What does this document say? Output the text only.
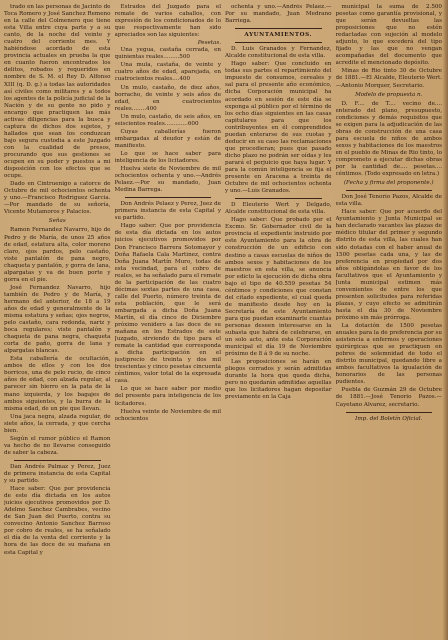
trado en las personas de Jacinto de Toca Romero y José Sanchez Remeno en la calle del Colmenero que tiene esta Villa entre cuya parte y a su canto, de la noche del veinte y cuatro del corriente mes. Y habiéndose acordado de esta provincia actuales en prueba la que en cuanto fueron encontrados los delitos, robados y requeridos en nombre de S. M. el Rey D. Alfonso XIII (q. D. g.) a todas las autoridades así civiles como militares y a todos los agentes de la policía judicial de la Nación y de su gente no pido y encargo que practiquen las más activas diligencias para la busca y captura de dichos dos sujetos, y hallados que sean los conduzcan bajo segura custodia a este Juzgado con la cualidad de presos, procurando que sus gestiones se ocupen en su poder y puestos a mi disposición con los efectos que se ocupe.

Dado en Cintruenigo a catorce de Octubre de mil ochocientos ochenta y uno.—Francisco Rodriguez Garcia.—Por mandado de su señoría, Vicente Mutamoros y Palacios.

Señas

Ramon Fernandez Navarro, hijo de Pedro y de María, de unos 25 años de edad, estatura alta, color moreno claro, ojos pardos, pelo castaño, viste pantalón de pana negro, chaqueta y pantalón, y gorra de lana, alpargatas y va de buen porte y gorra en el pie.

José Fernandez Navarro, hijo también de Pedro y de María, y hermano del anterior, de 18 a 19 años de edad y generalmente de la misma estatura y señas; ojos negros, pelo castaño, cara redonda, nariz y boca regulares; viste pantalón y chaqueta de pana negra, chaqueta corta de paño, gorra de lana y alpargatas blancas.

Esta caballería de ocultación, ambos de ellos y con los dos borricos, una de pelo rucio, de cinco años de edad, con alzada regular, al parecer sin hierro en la pata de la mano izquierda, y los bagajes de ambos siguientes, y la burra de la misma edad, de un pie que llevan.

Una jaca negra, alzada regular, de siete años, la cerrada, y que cercha bien.

Según el rumor público el Ramon va hecho de no llevarse conseguido de saber la cabeza.

Dan Andrés Palmaz y Perez, Juez de primera instancia de esta Capital y su partido.

Hace saber: Que por providencia de este día dictada en los autos juicios ejecutivos promovidos por D. Adelmo Sanchez Cambrabes, vecino de San Juan del Puerto, contra su convecino Antonio Sanchez Barroso por cobro de reales, se ha señalado el día de la venta del corriente y la hora de las doce de su mañana en esta Capital y

Estrados del Juzgado para el remate de varios caballos, con expresión de los condicionados de lo que respectivamente han sido apreciados son las siguientes:

Pesetas.

Una yegua, castaña cerrada, en quinientas reales.........500

Una mula, castaña, de veinte y cuatro años de edad, aparejada, en cuatrocientos reales....400

Un mulo, castaño, de diez años, borracho, de veinte y seis años de edad, en cuatrocientos reales........400

Un mulo, castaño, de seis años, en seiscientos reales.............600

Cuyas caballerías fueron embargadas al deudor y están de manifiesto.

Lo que se hace saber para inteligencia de los licitadores.

Huelva siete de Noviembre de mil ochocientos ochenta y uno.—Andrés Pelaez.—Por su mandado, Juan Medina Barrega.

Don Andrés Pelaez y Perez, Juez de primera instancia de esta Capital y su partido.

Hago saber: Que por providencia de esta día dictada en los autos juicios ejecutivos promovidos por Don Francisco Barrera Sotomayor y Doña Rafaela Cala Martinez, contra Doña Juana Martín Muro, todas de esta vecindad, para el cobro de reales, se ha señalado para el remate de la participación de las cuatro décimas sextas partes de una casa, calle del Puerto, número treinta de esta población, que le será embargada a dicha Doña Juana Martín, el día cinco de Diciembre próximo venidero a las doce de su mañana en los Estrados de este Juzgado, sirviendo de tipo para el remate la cantidad que corresponda a dicha participación en el justiprecio de treinta y dos mil trescientas y cinco pesetas cincuenta céntimos, valor total de la expresada casa.

Lo que se hace saber por medio del presente para inteligencia de los licitadores.

Huelva veinte de Noviembre de mil ochocientos

ochenta y uno.—Andrés Pelaez.—Por su mandado, Juan Medrano Barriega.

AYUNTAMIENTOS.

D. Luis Granados y Fernandez, Alcalde constitucional de esta villa.

Hago saber: Que concluido en todas sus partes el repartimiento del impuesto de consumos, cereales y sal para el presente año económico, dicha Corporación municipal ha acordado en sesión de este día se exponga al público por el término de los ocho días siguientes en las casas capitulares para que los contribuyentes en él comprendidos puedan enterarse de sus cuotas y deducir en su caso las reclamaciones que procedieran; pues que pasado dicho plazo no podrán ser oídas y les parará el perjuicio que haya lugar. Y para la común inteligencia se fija el presente en Aracena a treinta de Octubre de mil ochocientos ochenta y uno.—Luis Granados.

D Eleuterio Wert y Delgado, Alcalde constitucional de esta villa.

Hago saber: Que probado por el Excmo. Sr. Gobernador civil de la provincia el expediente instruido por este Ayuntamiento para la obra de construcción de un edificio con destino a casas escuelas de niños de ambos sexos y habitaciones de los maestros en esta villa, se anuncia por edicto la ejecución de dicha obra bajo el tipo de 40.559 pesetas 54 céntimos y condiciones que constan del citado expediente, el cual queda de manifiesto desde hoy en la Secretaría de este Ayuntamiento para que puedan examinarle cuantas personas deseen interesarse en la subasta que habrá de celebrarse, en un solo acto, ante esta Corporación municipal el día 19 de Noviembre próximo de 8 á 9 de su noche.

Las proposiciones se harán en pliegos cerrados y serán admitidas durante la hora que queda dicha, pero no quedarán admitidas aquellas que los licitadores hagan depositar previamente en la Caja

municipal la suma de 2.500 pesetas como garantía provisional, y que serán devueltas las proposiciones que no estén redactadas con sujeción al modelo adjunto, lo que excederá del tipo fijado y las que no vengan acompañadas del documento que acredite el mencionado depósito.

Minas de Rio tinto 30 de Octubre de 1881.—El Alcalde, Eleuterio Wert.—Antonio Morquer, Secretario.

Modelo de propuesta n.

D. F.... de T.... vecino de.... enterado del plano, presupuesto, condiciones y demás requisitos que se exigen para la adjudicación de las obras de construcción de una casa para escuela de niños de ambos sexos y habitaciones de los maestros en el pueblo de Minas de Rio tinto, lo comprometo a ejecutar dichas obras por la cantidad de.... pesetas.... céntimos. (Todo expresado en letra.)

(Fecha y firma del proponente.)

Don José Tenorio Pazos, Alcalde de esta villa.

Hace saber: Que por acuerdo del Ayuntamiento y Junta Municipal se han declarado vacantes las plazas de médico titular del primer y segundo distrito de esta villa, las cuales han sido dotadas con el haber anual de 1500 pesetas cada una, y las de preferencia en propiedad por dos años obligándolas en favor de los facultativos que el Ayuntamiento y Junta municipal estimen más convenientes de entre los que presenten solicitudes para referidas plazas, y cuyo efecto se admitirán hasta el día 30 de Noviembre próximo sin más prórroga.

La dotación de 1500 pesetas anuales para la de preferencia por su asistencia a enfermos y operaciones quirúrgicas que se practiquen en pobres de solemnidad de todo el distrito municipal, quedando libre a ambos facultativos la igualación de honorarios de las personas pudientes.

Puebla de Guzmán 29 de Octubre de 1881.—José Tenorio Pazos.—Cayetano Alvarez, secretario.

Imp. del Boletín Oficial.
